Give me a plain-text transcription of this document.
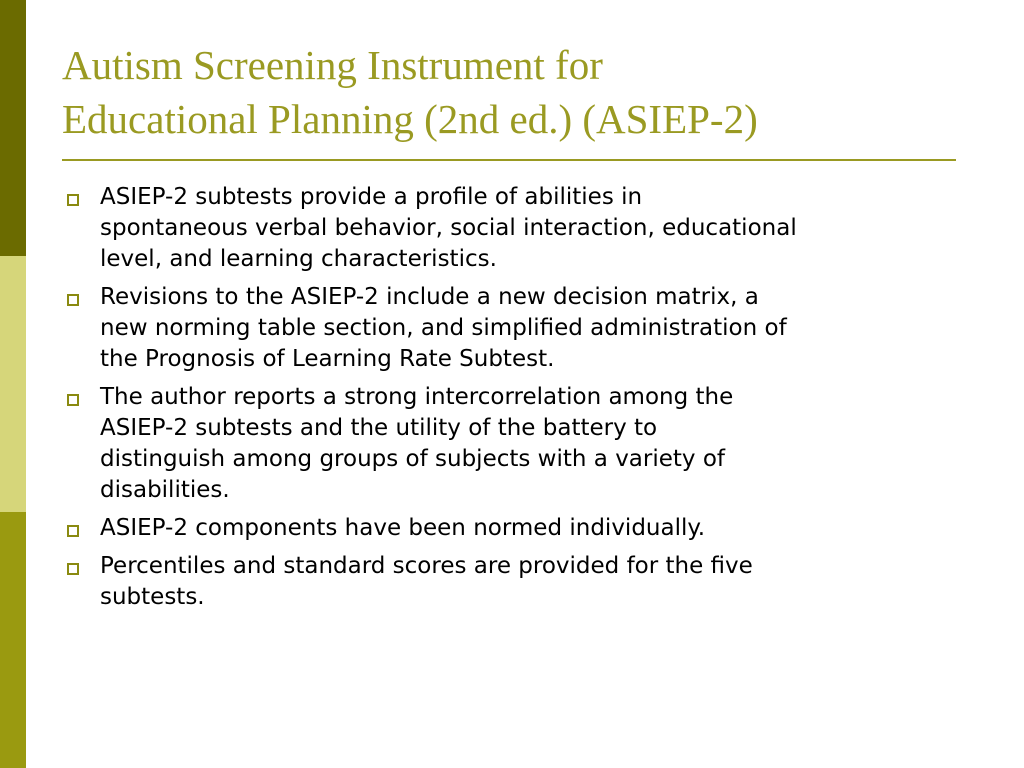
Autism Screening Instrument for
Educational Planning (2nd ed.) (ASIEP-2)
ASIEP-2 subtests provide a profile of abilities in
spontaneous verbal behavior, social interaction, educational
level, and learning characteristics.
Revisions to the ASIEP-2 include a new decision matrix, a
new norming table section, and simplified administration of
the Prognosis of Learning Rate Subtest.
The author reports a strong intercorrelation among the
ASIEP-2 subtests and the utility of the battery to
distinguish among groups of subjects with a variety of
disabilities.
ASIEP-2 components have been normed individually.
Percentiles and standard scores are provided for the five
subtests.
